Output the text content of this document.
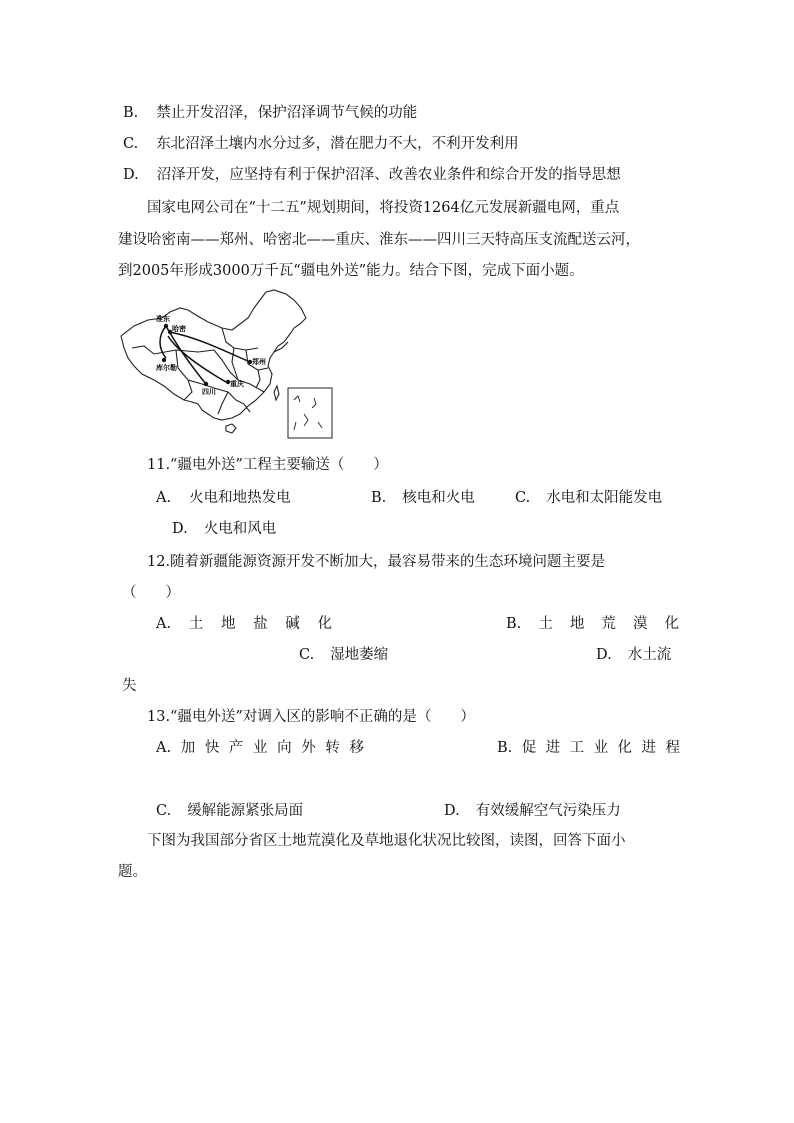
B. 禁止开发沼泽，保护沼泽调节气候的功能
C. 东北沼泽土壤内水分过多，潜在肥力不大，不利开发利用
D. 沼泽开发，应坚持有利于保护沼泽、改善农业条件和综合开发的指导思想
国家电网公司在“十二五”规划期间，将投资1264亿元发展新疆电网，重点
建设哈密南——郑州、哈密北——重庆、淮东——四川三天特高压支流配送云河，
到2005年形成3000万千瓦“疆电外送”能力。结合下图，完成下面小题。
准东
哈密
库尔勒
郑州
四川
重庆
11.“疆电外送”工程主要输送（　　）
A. 火电和地热发电	B. 核电和火电	C. 水电和太阳能发电
D. 火电和风电
12.随着新疆能源资源开发不断加大，最容易带来的生态环境问题主要是
（　　）
A. 土 地 盐 碱 化	B. 土 地 荒 漠 化
C. 湿地萎缩	D. 水土流
失
13.“疆电外送”对调入区的影响不正确的是（　　）
A. 加 快 产 业 向 外 转 移	B. 促 进 工 业 化 进 程
C. 缓解能源紧张局面	D. 有效缓解空气污染压力
下图为我国部分省区土地荒漠化及草地退化状况比较图，读图，回答下面小
题。
